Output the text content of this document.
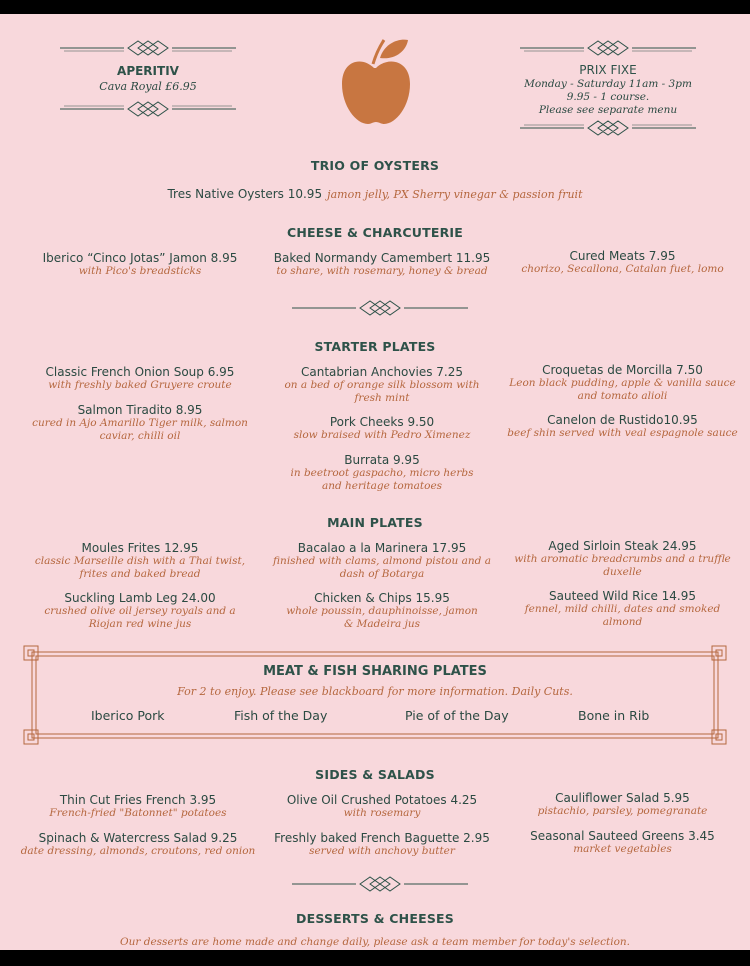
APERITIV
Cava Royal £6.95
PRIX FIXE
Monday - Saturday 11am - 3pm
9.95 - 1 course.
Please see separate menu
TRIO OF OYSTERS
Tres Native Oysters 10.95 jamon jelly, PX Sherry vinegar & passion fruit
CHEESE & CHARCUTERIE
Iberico “Cinco Jotas” Jamon 8.95
with Pico's breadsticks
Baked Normandy Camembert 11.95
to share, with rosemary, honey & bread
Cured Meats 7.95
chorizo, Secallona, Catalan fuet, lomo
STARTER PLATES
Classic French Onion Soup 6.95
with freshly baked Gruyere croute
Salmon Tiradito 8.95
cured in Ajo Amarillo Tiger milk, salmon caviar, chilli oil
Cantabrian Anchovies 7.25
on a bed of orange silk blossom with fresh mint
Pork Cheeks 9.50
slow braised with Pedro Ximenez
Burrata 9.95
in beetroot gaspacho, micro herbs and heritage tomatoes
Croquetas de Morcilla 7.50
Leon black pudding, apple & vanilla sauce and tomato alioli
Canelon de Rustido10.95
beef shin served with veal espagnole sauce
MAIN PLATES
Moules Frites 12.95
classic Marseille dish with a Thai twist, frites and baked bread
Suckling Lamb Leg 24.00
crushed olive oil jersey royals and a Riojan red wine jus
Bacalao a la Marinera 17.95
finished with clams, almond pistou and a dash of Botarga
Chicken & Chips 15.95
whole poussin, dauphinoisse, jamon & Madeira jus
Aged Sirloin Steak 24.95
with aromatic breadcrumbs and a truffle duxelle
Sauteed Wild Rice 14.95
fennel, mild chilli, dates and smoked almond
MEAT & FISH SHARING PLATES
For 2 to enjoy. Please see blackboard for more information. Daily Cuts.
Iberico Pork	Fish of the Day	Pie of of the Day	Bone in Rib
SIDES & SALADS
Thin Cut Fries French 3.95
French-fried "Batonnet" potatoes
Spinach & Watercress Salad 9.25
date dressing, almonds, croutons, red onion
Olive Oil Crushed Potatoes 4.25
with rosemary
Freshly baked French Baguette 2.95
served with anchovy butter
Cauliflower Salad 5.95
pistachio, parsley, pomegranate
Seasonal Sauteed Greens 3.45
market vegetables
DESSERTS & CHEESES
Our desserts are home made and change daily, please ask a team member for today's selection.
